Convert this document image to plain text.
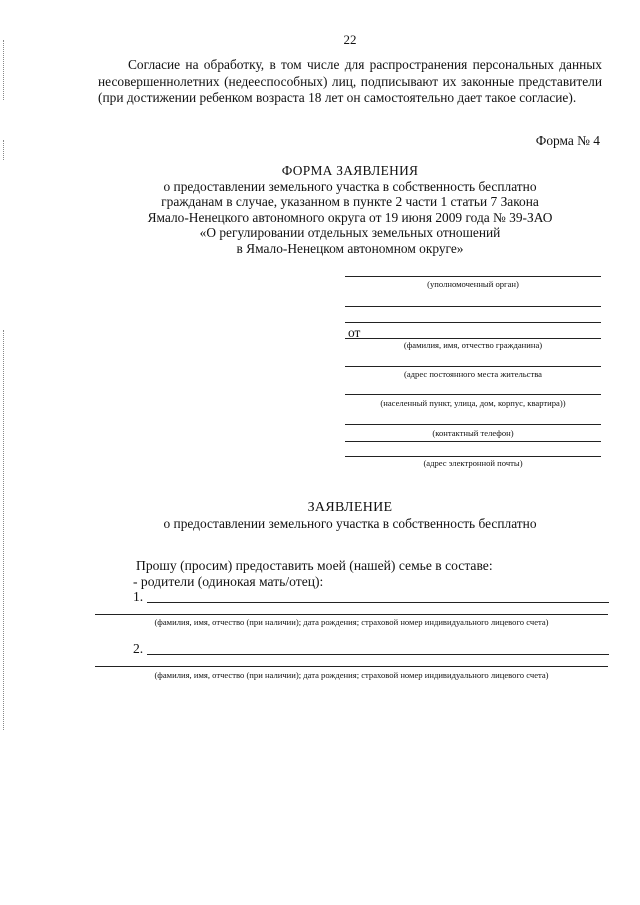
22
Согласие на обработку, в том числе для распространения персональных данных несовершеннолетних (недееспособных) лиц, подписывают их законные представители (при достижении ребенком возраста 18 лет он самостоятельно дает такое согласие).
Форма № 4
ФОРМА ЗАЯВЛЕНИЯ
о предоставлении земельного участка в собственность бесплатно
гражданам в случае, указанном в пункте 2 части 1 статьи 7 Закона
Ямало-Ненецкого автономного округа от 19 июня 2009 года № 39-ЗАО
«О регулировании отдельных земельных отношений
в Ямало-Ненецком автономном округе»
(уполномоченный орган)
от
(фамилия, имя, отчество гражданина)
(адрес постоянного места жительства
(населенный пункт, улица, дом, корпус, квартира))
(контактный телефон)
(адрес электронной почты)
ЗАЯВЛЕНИЕ
о предоставлении земельного участка в собственность бесплатно
Прошу (просим) предоставить моей (нашей) семье в составе:
- родители (одинокая мать/отец):
1.
(фамилия, имя, отчество (при наличии); дата рождения; страховой номер индивидуального лицевого счета)
2.
(фамилия, имя, отчество (при наличии); дата рождения; страховой номер индивидуального лицевого счета)
